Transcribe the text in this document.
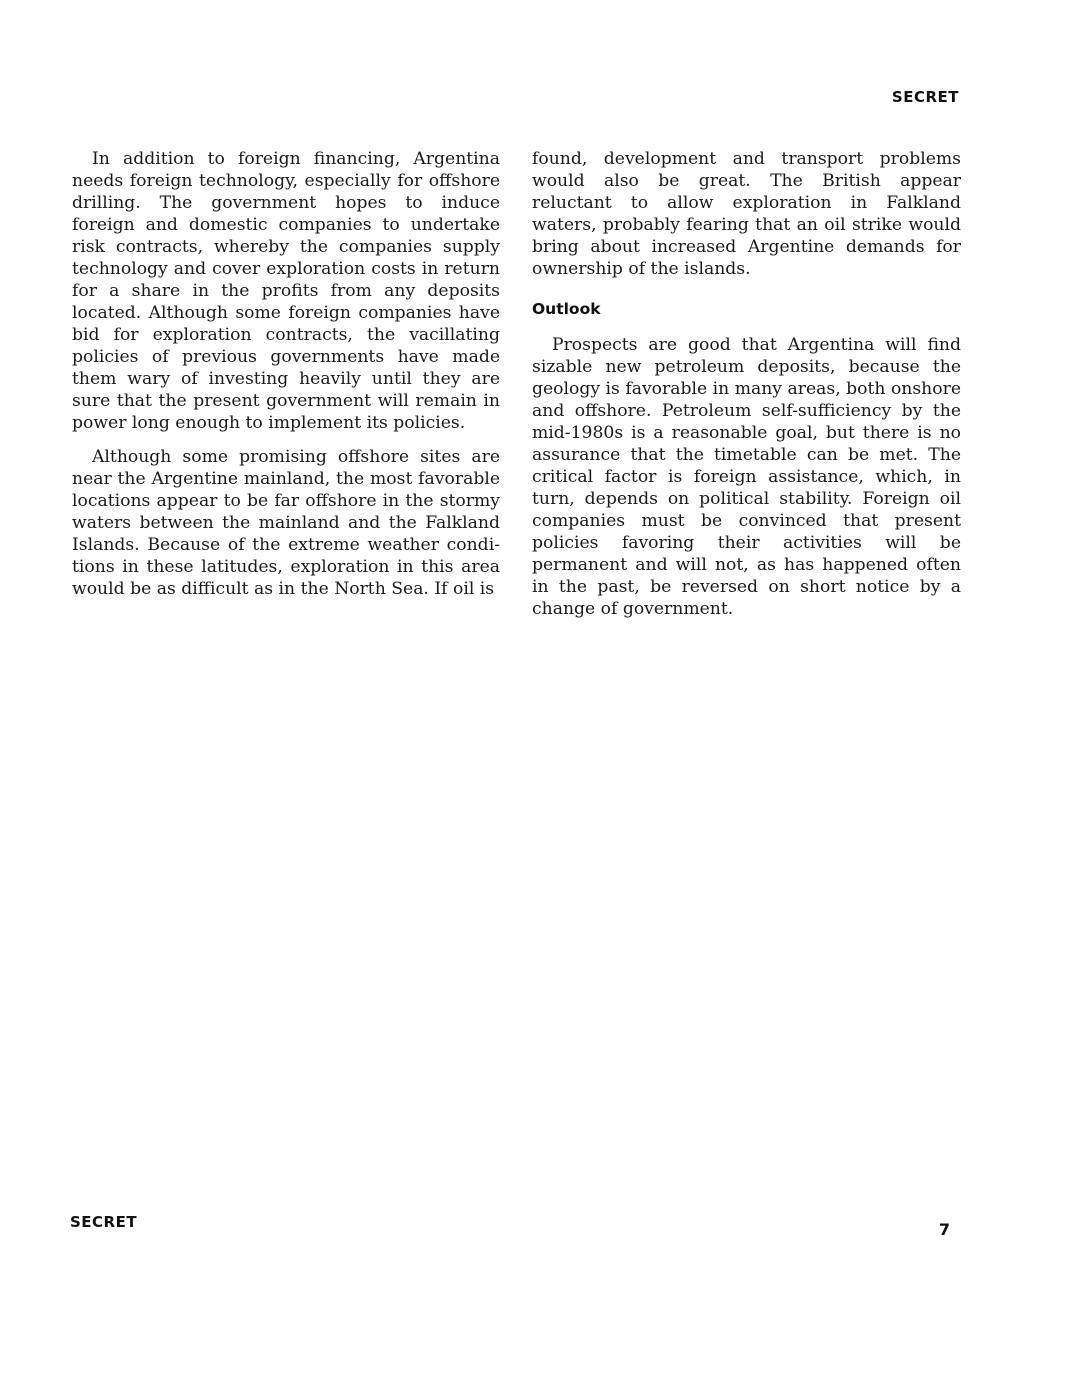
SECRET

In addition to foreign financing, Argentina needs foreign technology, especially for offshore drilling. The government hopes to induce foreign and domestic companies to undertake risk contracts, whereby the companies supply technology and cover exploration costs in return for a share in the profits from any deposits located. Although some foreign companies have bid for exploration contracts, the vacillating policies of previous governments have made them wary of investing heavily until they are sure that the present government will remain in power long enough to implement its policies.

Although some promising offshore sites are near the Argentine mainland, the most favorable locations appear to be far offshore in the stormy waters between the mainland and the Falkland Islands. Because of the extreme weather conditions in these latitudes, exploration in this area would be as difficult as in the North Sea. If oil is

found, development and transport problems would also be great. The British appear reluctant to allow exploration in Falkland waters, probably fearing that an oil strike would bring about increased Argentine demands for ownership of the islands.

Outlook

Prospects are good that Argentina will find sizable new petroleum deposits, because the geology is favorable in many areas, both onshore and offshore. Petroleum self-sufficiency by the mid-1980s is a reasonable goal, but there is no assurance that the timetable can be met. The critical factor is foreign assistance, which, in turn, depends on political stability. Foreign oil companies must be convinced that present policies favoring their activities will be permanent and will not, as has happened often in the past, be reversed on short notice by a change of government.

SECRET	7
